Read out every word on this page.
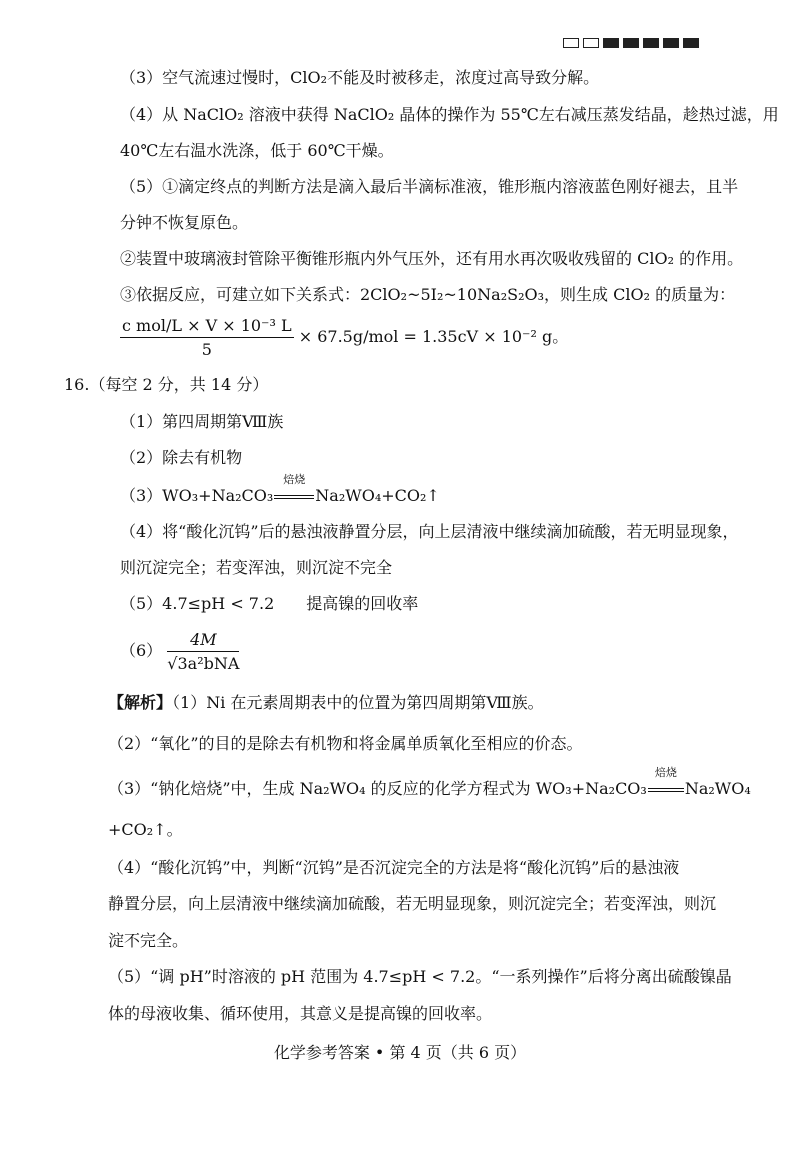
（3）空气流速过慢时，ClO₂不能及时被移走，浓度过高导致分解。
（4）从 NaClO₂ 溶液中获得 NaClO₂ 晶体的操作为 55℃左右减压蒸发结晶，趁热过滤，用
40℃左右温水洗涤，低于 60℃干燥。
（5）①滴定终点的判断方法是滴入最后半滴标准液，锥形瓶内溶液蓝色刚好褪去，且半
分钟不恢复原色。
②装置中玻璃液封管除平衡锥形瓶内外气压外，还有用水再次吸收残留的 ClO₂ 的作用。
③依据反应，可建立如下关系式：2ClO₂~5I₂~10Na₂S₂O₃，则生成 ClO₂ 的质量为：
$\frac{\text{c mol/L × V × 10⁻³ L}}{5} \times 67.5g/mol = 1.35cV \times 10^{-2}$ g。
16.（每空 2 分，共 14 分）
（1）第四周期第Ⅷ族
（2）除去有机物
（3）WO₃+Na₂CO₃
焙烧
Na₂WO₄+CO₂↑
（4）将“酸化沉钨”后的悬浊液静置分层，向上层清液中继续滴加硫酸，若无明显现象，
则沉淀完全；若变浑浊，则沉淀不完全
（5）4.7≤pH < 7.2　　提高镍的回收率
$(6) \frac{4M}{\text{√3a²bNA}}$
【解析】（1）Ni 在元素周期表中的位置为第四周期第Ⅷ族。
（2）“氧化”的目的是除去有机物和将金属单质氧化至相应的价态。
（3）“钠化焙烧”中，生成 Na₂WO₄ 的反应的化学方程式为 WO₃+Na₂CO₃
焙烧
Na₂WO₄
+CO₂↑。
（4）“酸化沉钨”中，判断“沉钨”是否沉淀完全的方法是将“酸化沉钨”后的悬浊液
静置分层，向上层清液中继续滴加硫酸，若无明显现象，则沉淀完全；若变浑浊，则沉
淀不完全。
（5）“调 pH”时溶液的 pH 范围为 4.7≤pH < 7.2。“一系列操作”后将分离出硫酸镍晶
体的母液收集、循环使用，其意义是提高镍的回收率。
化学参考答案 • 第 4 页（共 6 页）
